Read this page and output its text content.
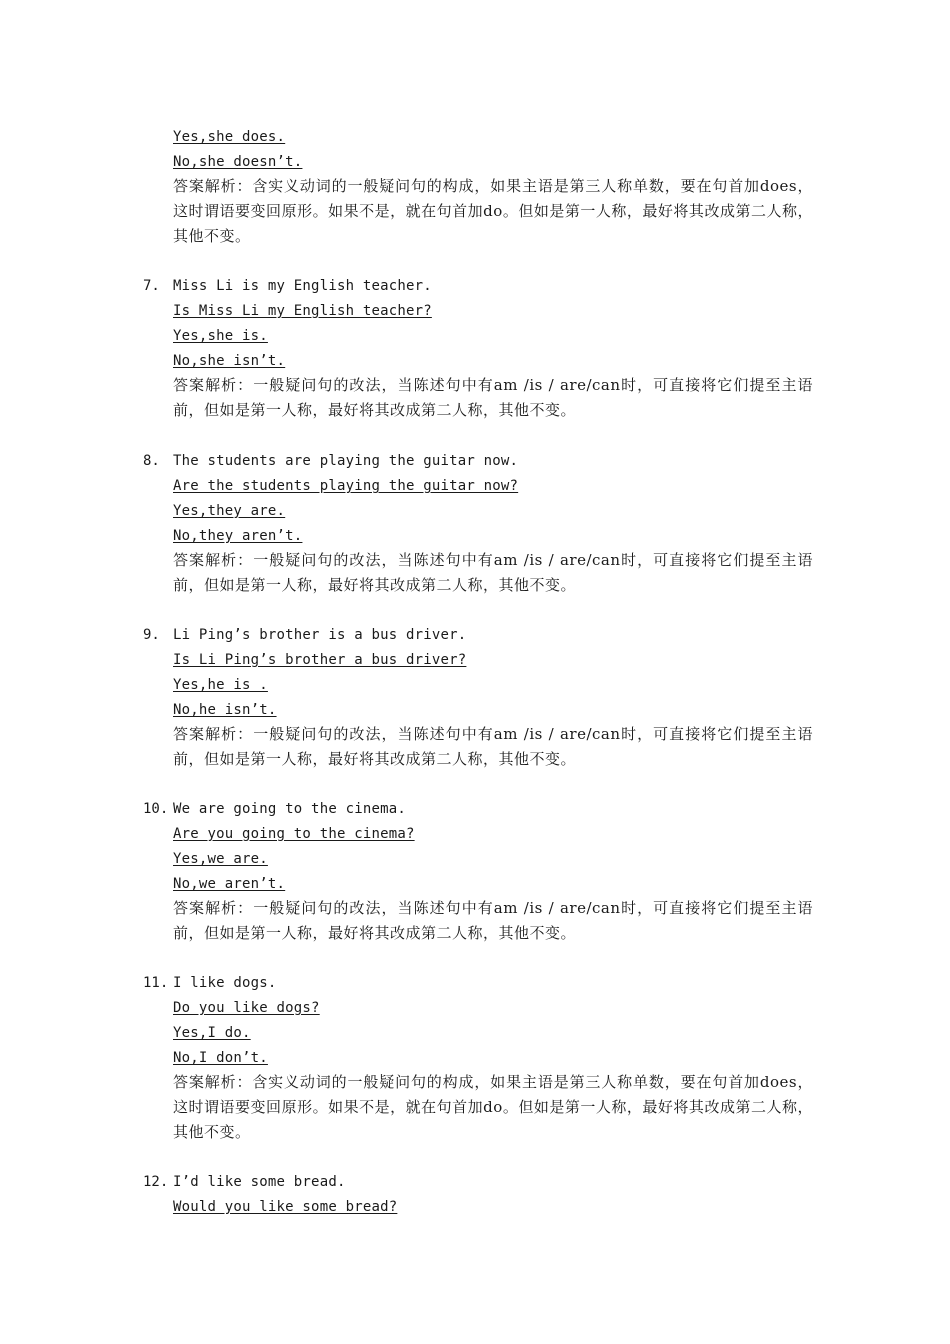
Yes,she does.
No,she doesn’t.
答案解析：含实义动词的一般疑问句的构成，如果主语是第三人称单数，要在句首加does，这时谓语要变回原形。如果不是，就在句首加do。但如是第一人称，最好将其改成第二人称，其他不变。
7. Miss Li is my English teacher.
Is Miss Li my English teacher?
Yes,she is.
No,she isn’t.
答案解析：一般疑问句的改法，当陈述句中有am /is / are/can时，可直接将它们提至主语前，但如是第一人称，最好将其改成第二人称，其他不变。
8. The students are playing the guitar now.
Are the students playing the guitar now?
Yes,they are.
No,they aren’t.
答案解析：一般疑问句的改法，当陈述句中有am /is / are/can时，可直接将它们提至主语前，但如是第一人称，最好将其改成第二人称，其他不变。
9. Li Ping’s brother is a bus driver.
Is Li Ping’s brother a bus driver?
Yes,he is .
No,he isn’t.
答案解析：一般疑问句的改法，当陈述句中有am /is / are/can时，可直接将它们提至主语前，但如是第一人称，最好将其改成第二人称，其他不变。
10. We are going to the cinema.
Are you going to the cinema?
Yes,we are.
No,we aren’t.
答案解析：一般疑问句的改法，当陈述句中有am /is / are/can时，可直接将它们提至主语前，但如是第一人称，最好将其改成第二人称，其他不变。
11. I like dogs.
Do you like dogs?
Yes,I do.
No,I don’t.
答案解析：含实义动词的一般疑问句的构成，如果主语是第三人称单数，要在句首加does，这时谓语要变回原形。如果不是，就在句首加do。但如是第一人称，最好将其改成第二人称，其他不变。
12. I’d like some bread.
Would you like some bread?
